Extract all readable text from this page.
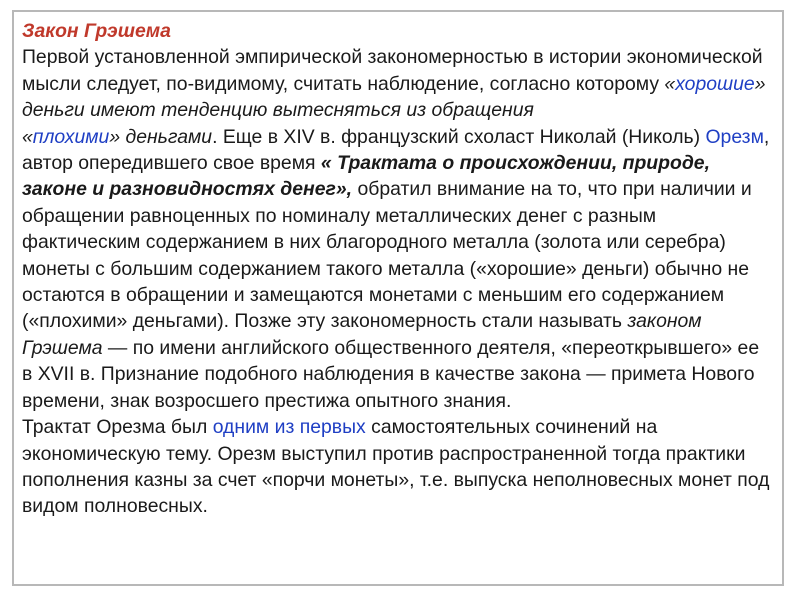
Закон Грэшема
Первой установленной эмпирической закономерностью в истории экономической мысли следует, по-видимому, считать наблюдение, согласно которому «хорошие» деньги имеют тенденцию вытесняться из обращения
«плохими» деньгами. Еще в XIV в. французский схоласт Николай (Николь) Орезм, автор опередившего свое время « Трактата о происхождении, природе, законе и разновидностях денег», обратил внимание на то, что при наличии и обращении равноценных по номиналу металлических денег с разным фактическим содержанием в них благородного металла (золота или серебра) монеты с большим содержанием такого металла («хорошие» деньги) обычно не остаются в обращении и замещаются монетами с меньшим его содержанием («плохими» деньгами). Позже эту закономерность стали называть законом Грэшема — по имени английского общественного деятеля, «переоткрывшего» ее в XVII в. Признание подобного наблюдения в качестве закона — примета Нового времени, знак возросшего престижа опытного знания.
Трактат Орезма был одним из первых самостоятельных сочинений на экономическую тему. Орезм выступил против распространенной тогда практики пополнения казны за счет «порчи монеты», т.е. выпуска неполновесных монет под видом полновесных.
